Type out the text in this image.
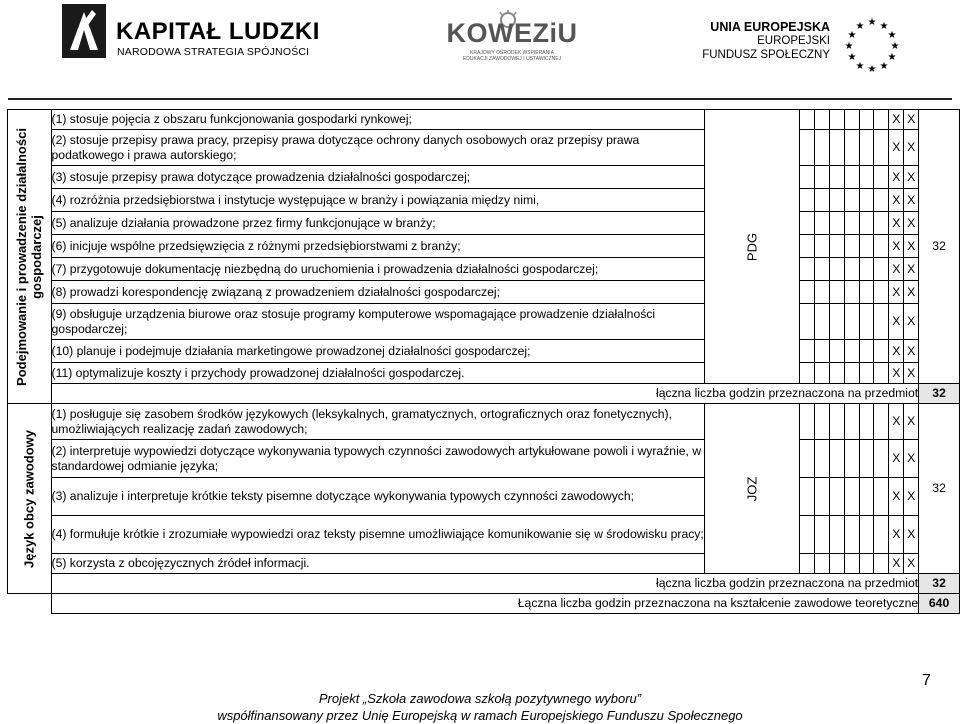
KAPITAŁ LUDZKI
NARODOWA STRATEGIA SPÓJNOŚCI
KOWEZiU
KRAJOWY OŚRODEK WSPIERANIA
EDUKACJI ZAWODOWEJ I USTAWICZNEJ
UNIA EUROPEJSKA
EUROPEJSKI
FUNDUSZ SPOŁECZNY
★ ★
★
★
★
★
★
★
★
★
★
★
Podejmowanie i prowadzenie działalności gospodarczej	(1) stosuje pojęcia z obszaru funkcjonowania gospodarki rynkowej;	PDG							X	X	32
	(2) stosuje przepisy prawa pracy, przepisy prawa dotyczące ochrony danych osobowych oraz przepisy prawa podatkowego i prawa autorskiego;								X	X	
	(3) stosuje przepisy prawa dotyczące prowadzenia działalności gospodarczej;								X	X	
	(4) rozróżnia przedsiębiorstwa i instytucje występujące w branży i powiązania między nimi,								X	X	
	(5) analizuje działania prowadzone przez firmy funkcjonujące w branży;								X	X	
	(6) inicjuje wspólne przedsięwzięcia z różnymi przedsiębiorstwami z branży;								X	X	
	(7) przygotowuje dokumentację niezbędną do uruchomienia i prowadzenia działalności gospodarczej;								X	X	
	(8) prowadzi korespondencję związaną z prowadzeniem działalności gospodarczej;								X	X	
	(9) obsługuje urządzenia biurowe oraz stosuje programy komputerowe wspomagające prowadzenie działalności gospodarczej;								X	X	
	(10) planuje i podejmuje działania marketingowe prowadzonej działalności gospodarczej;								X	X	
	(11) optymalizuje koszty i przychody prowadzonej działalności gospodarczej.								X	X	
	łączna liczba godzin przeznaczona na przedmiot										32

Język obcy zawodowy	(1) posługuje się zasobem środków językowych (leksykalnych, gramatycznych, ortograficznych oraz fonetycznych), umożliwiających realizację zadań zawodowych;	JOZ							X	X	32
	(2) interpretuje wypowiedzi dotyczące wykonywania typowych czynności zawodowych artykułowane powoli i wyraźnie, w standardowej odmianie języka;								X	X	
	(3) analizuje i interpretuje krótkie teksty pisemne dotyczące wykonywania typowych czynności zawodowych;								X	X	
	(4) formułuje krótkie i zrozumiałe wypowiedzi oraz teksty pisemne umożliwiające komunikowanie się w środowisku pracy;								X	X	
	(5) korzysta z obcojęzycznych źródeł informacji.								X	X	
	łączna liczba godzin przeznaczona na przedmiot										32
	Łączna liczba godzin przeznaczona na kształcenie zawodowe teoretyczne										640
7
Projekt „Szkoła zawodowa szkołą pozytywnego wyboru”
współfinansowany przez Unię Europejską w ramach Europejskiego Funduszu Społecznego
